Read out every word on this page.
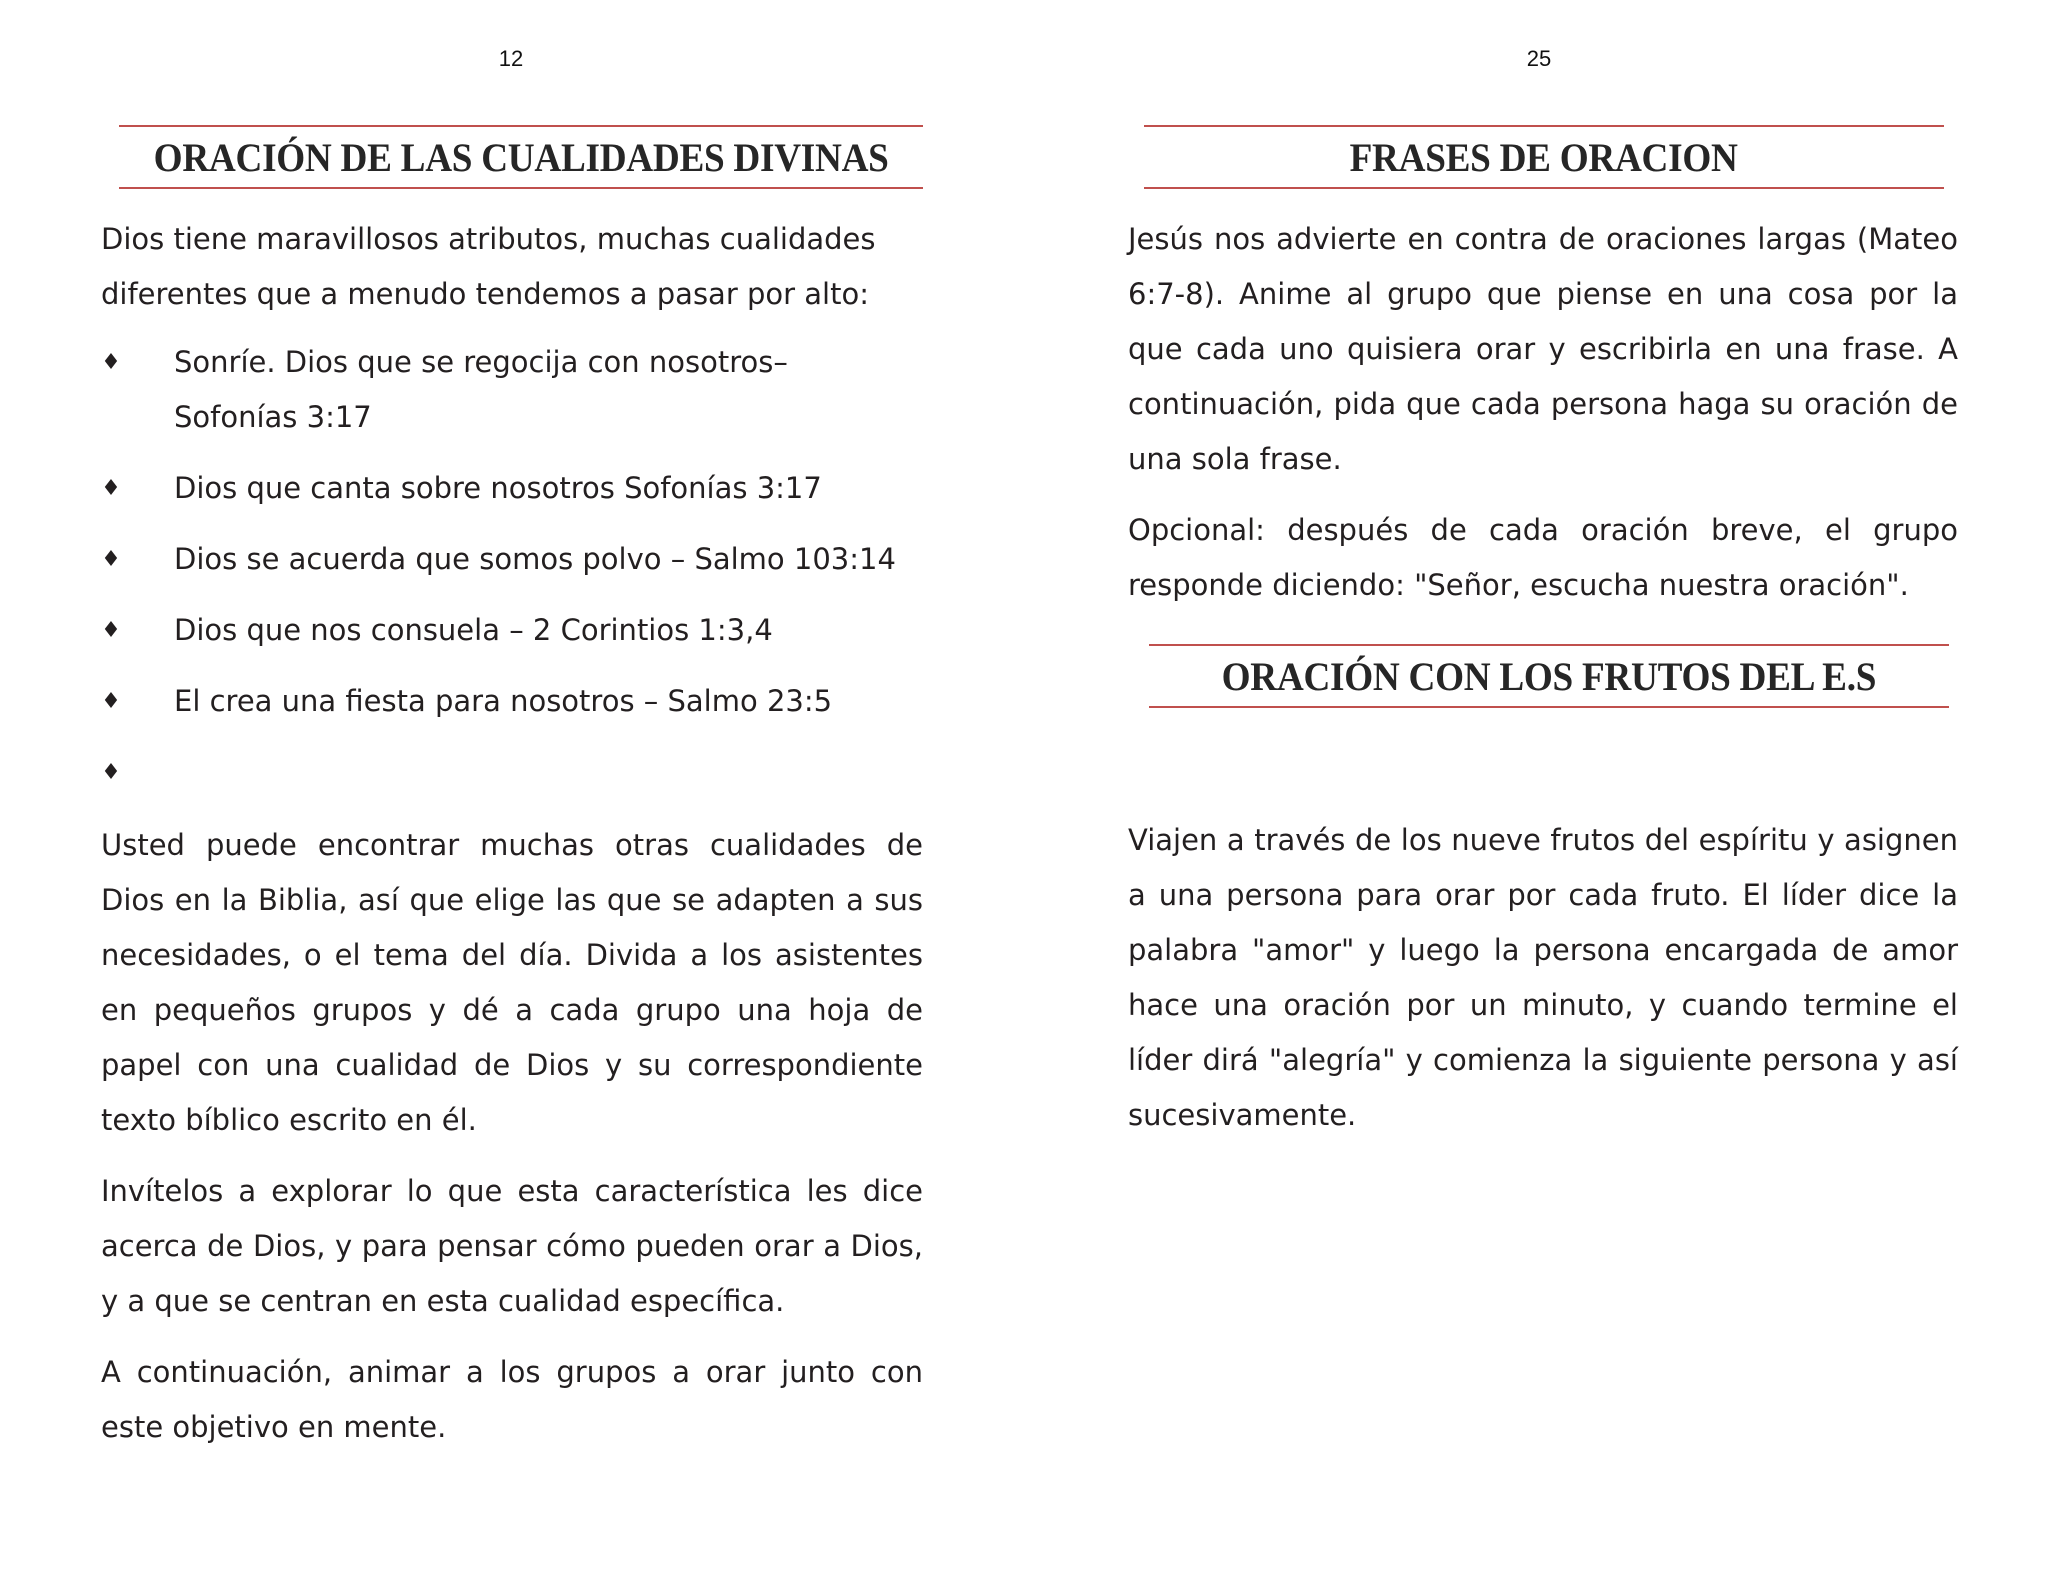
12
ORACIÓN DE LAS CUALIDADES DIVINAS

Dios tiene maravillosos atributos, muchas cualidades diferentes que a menudo tendemos a pasar por alto:

♦ Sonríe. Dios que se regocija con nosotros– Sofonías 3:17
♦ Dios que canta sobre nosotros Sofonías 3:17
♦ Dios se acuerda que somos polvo – Salmo 103:14
♦ Dios que nos consuela – 2 Corintios 1:3,4
♦ El crea una fiesta para nosotros – Salmo 23:5
♦

Usted puede encontrar muchas otras cualidades de Dios en la Biblia, así que elige las que se adapten a sus necesidades, o el tema del día. Divida a los asistentes en pequeños grupos y dé a cada grupo una hoja de papel con una cualidad de Dios y su correspondiente texto bíblico escrito en él.

Invítelos a explorar lo que esta característica les dice acerca de Dios, y para pensar cómo pueden orar a Dios, y a que se centran en esta cualidad específica.

A continuación, animar a los grupos a orar junto con este objetivo en mente.

25
FRASES DE ORACION

Jesús nos advierte en contra de oraciones largas (Mateo 6:7-8). Anime al grupo que piense en una cosa por la que cada uno quisiera orar y escribirla en una frase. A continuación, pida que cada persona haga su oración de una sola frase.

Opcional: después de cada oración breve, el grupo responde diciendo: "Señor, escucha nuestra oración".

ORACIÓN CON LOS FRUTOS DEL E.S

Viajen a través de los nueve frutos del espíritu y asignen a una persona para orar por cada fruto. El líder dice la palabra "amor" y luego la persona encargada de amor hace una oración por un minuto, y cuando termine el líder dirá "alegría" y comienza la siguiente persona y así sucesivamente.
